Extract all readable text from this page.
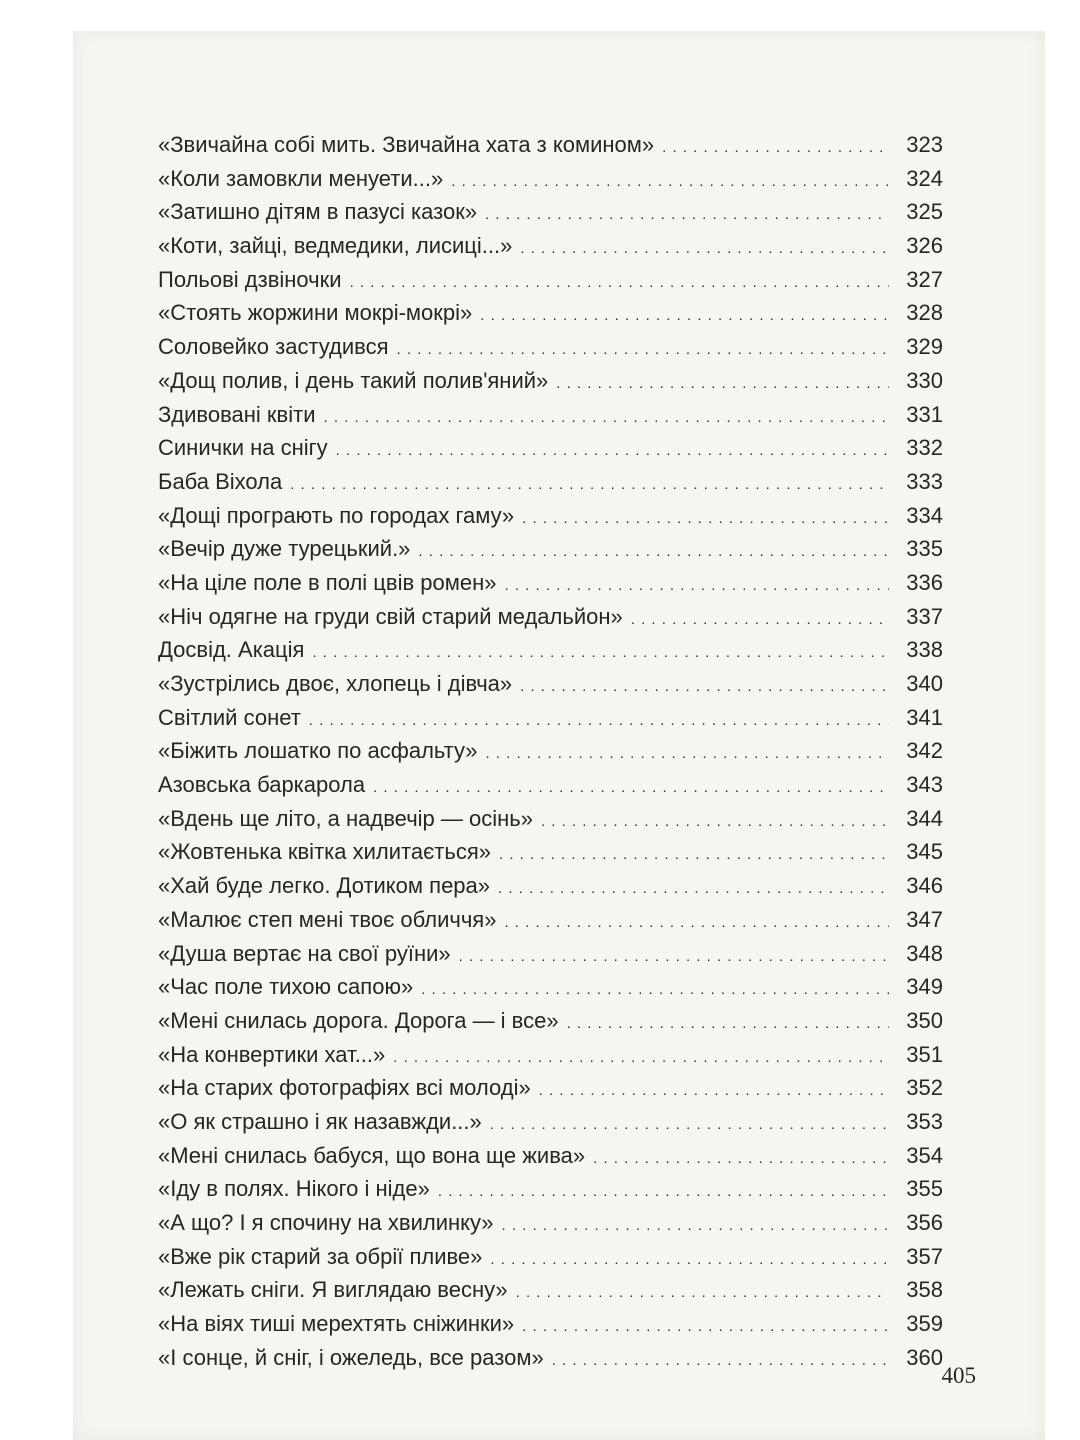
«Звичайна собі мить. Звичайна хата з комином» . . .	323
«Коли замовкли менуети...» . . .	324
«Затишно дітям в пазусі казок» . . .	325
«Коти, зайці, ведмедики, лисиці...» . . .	326
Польові дзвіночки . . .	327
«Стоять жоржини мокрі-мокрі» . . .	328
Соловейко застудився . . .	329
«Дощ полив, і день такий полив'яний» . . .	330
Здивовані квіти . . .	331
Синички на снігу . . .	332
Баба Віхола . . .	333
«Дощі програють по городах гаму» . . .	334
«Вечір дуже турецький.» . . .	335
«На ціле поле в полі цвів ромен» . . .	336
«Ніч одягне на груди свій старий медальйон» . . .	337
Досвід. Акація . . .	338
«Зустрілись двоє, хлопець і дівча» . . .	340
Світлий сонет . . .	341
«Біжить лошатко по асфальту» . . .	342
Азовська баркарола . . .	343
«Вдень ще літо, а надвечір — осінь» . . .	344
«Жовтенька квітка хилитається» . . .	345
«Хай буде легко. Дотиком пера» . . .	346
«Малює степ мені твоє обличчя» . . .	347
«Душа вертає на свої руїни» . . .	348
«Час поле тихою сапою» . . .	349
«Мені снилась дорога. Дорога — і все» . . .	350
«На конвертики хат...» . . .	351
«На старих фотографіях всі молоді» . . .	352
«О як страшно і як назавжди...» . . .	353
«Мені снилась бабуся, що вона ще жива» . . .	354
«Іду в полях. Нікого і ніде» . . .	355
«А що? І я спочину на хвилинку» . . .	356
«Вже рік старий за обрії пливе» . . .	357
«Лежать сніги. Я виглядаю весну» . . .	358
«На віях тиші мерехтять сніжинки» . . .	359
«І сонце, й сніг, і ожеледь, все разом» . . .	360
405
